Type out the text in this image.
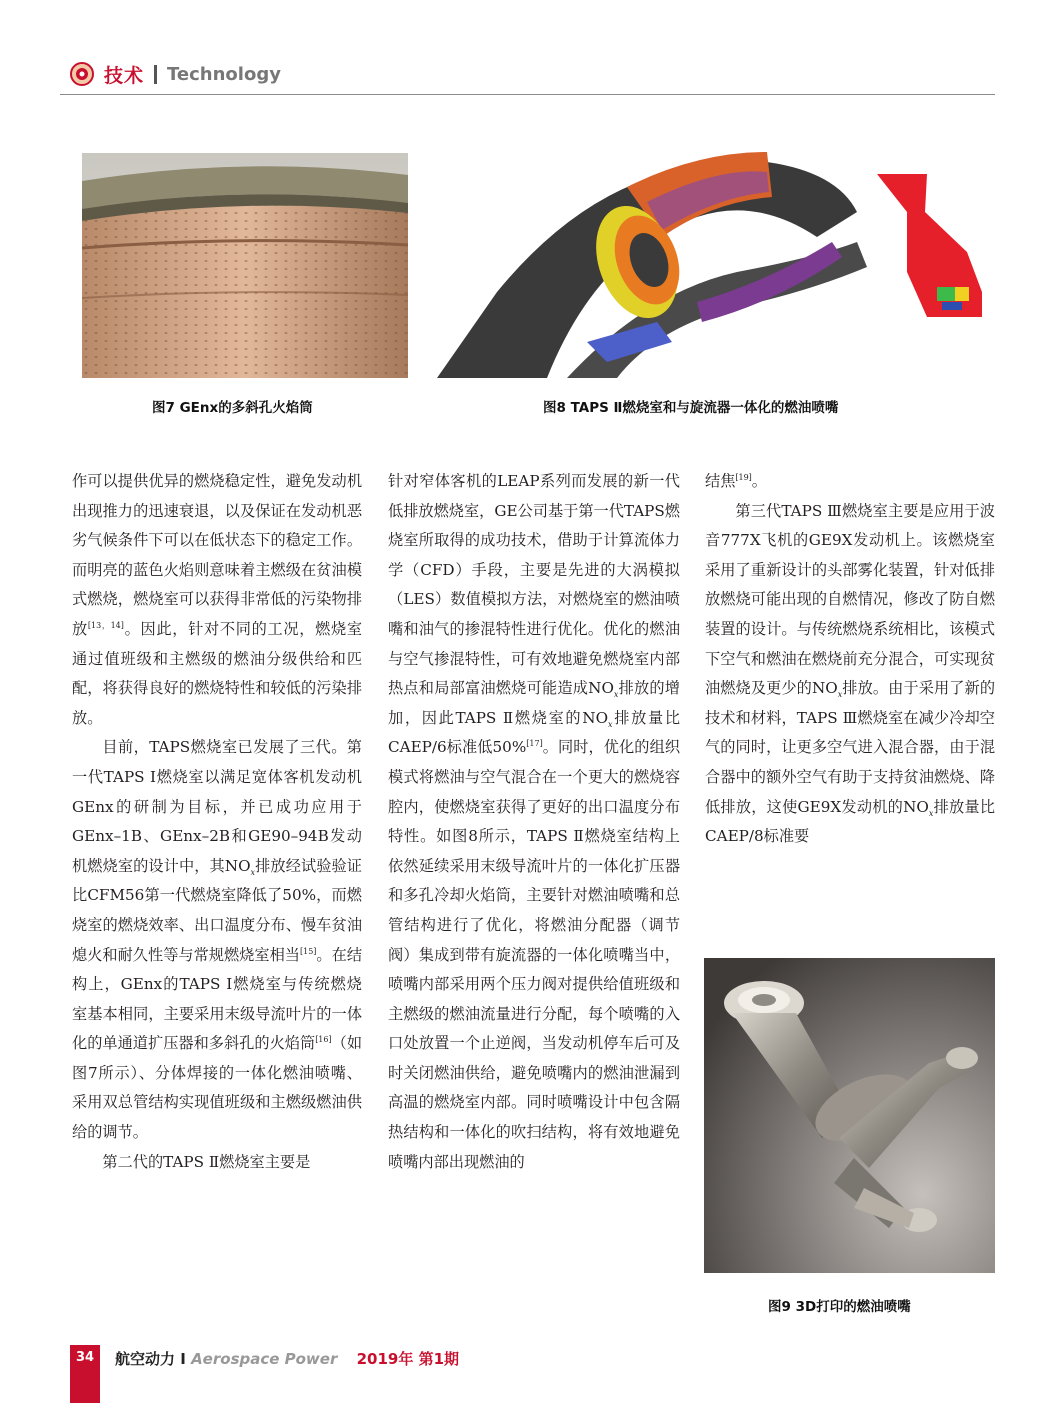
技术 Technology
图7 GEnx的多斜孔火焰筒	图8 TAPS Ⅱ燃烧室和与旋流器一体化的燃油喷嘴

作可以提供优异的燃烧稳定性，避免发动机出现推力的迅速衰退，以及保证在发动机恶劣气候条件下可以在低状态下的稳定工作。而明亮的蓝色火焰则意味着主燃级在贫油模式燃烧，燃烧室可以获得非常低的污染物排放[13，14]。因此，针对不同的工况，燃烧室通过值班级和主燃级的燃油分级供给和匹配，将获得良好的燃烧特性和较低的污染排放。

目前，TAPS燃烧室已发展了三代。第一代TAPS Ⅰ燃烧室以满足宽体客机发动机GEnx的研制为目标，并已成功应用于GEnx–1B、GEnx–2B和GE90–94B发动机燃烧室的设计中，其$NO_x$排放经试验验证比CFM56第一代燃烧室降低了50%，而燃烧室的燃烧效率、出口温度分布、慢车贫油熄火和耐久性等与常规燃烧室相当[15]。在结构上，GEnx的TAPS Ⅰ燃烧室与传统燃烧室基本相同，主要采用末级导流叶片的一体化的单通道扩压器和多斜孔的火焰筒[16]（如图7所示）、分体焊接的一体化燃油喷嘴、采用双总管结构实现值班级和主燃级燃油供给的调节。

第二代的TAPS Ⅱ燃烧室主要是

针对窄体客机的LEAP系列而发展的新一代低排放燃烧室，GE公司基于第一代TAPS燃烧室所取得的成功技术，借助于计算流体力学（CFD）手段，主要是先进的大涡模拟（LES）数值模拟方法，对燃烧室的燃油喷嘴和油气的掺混特性进行优化。优化的燃油与空气掺混特性，可有效地避免燃烧室内部热点和局部富油燃烧可能造成$NO_x$排放的增加，因此TAPS Ⅱ燃烧室的$NO_x$排放量比CAEP/6标准低50%[17]。同时，优化的组织模式将燃油与空气混合在一个更大的燃烧容腔内，使燃烧室获得了更好的出口温度分布特性。如图8所示，TAPS Ⅱ燃烧室结构上依然延续采用末级导流叶片的一体化扩压器和多孔冷却火焰筒，主要针对燃油喷嘴和总管结构进行了优化，将燃油分配器（调节阀）集成到带有旋流器的一体化喷嘴当中，喷嘴内部采用两个压力阀对提供给值班级和主燃级的燃油流量进行分配，每个喷嘴的入口处放置一个止逆阀，当发动机停车后可及时关闭燃油供给，避免喷嘴内的燃油泄漏到高温的燃烧室内部。同时喷嘴设计中包含隔热结构和一体化的吹扫结构，将有效地避免喷嘴内部出现燃油的

结焦[19]。

第三代TAPS Ⅲ燃烧室主要是应用于波音777X飞机的GE9X发动机上。该燃烧室采用了重新设计的头部雾化装置，针对低排放燃烧可能出现的自燃情况，修改了防自燃装置的设计。与传统燃烧系统相比，该模式下空气和燃油在燃烧前充分混合，可实现贫油燃烧及更少的$NO_x$排放。由于采用了新的技术和材料，TAPS Ⅲ燃烧室在减少冷却空气的同时，让更多空气进入混合器，由于混合器中的额外空气有助于支持贫油燃烧、降低排放，这使GE9X发动机的$NO_x$排放量比CAEP/8标准要

图9 3D打印的燃油喷嘴
34	航空动力 I Aerospace Power 2019年 第1期
